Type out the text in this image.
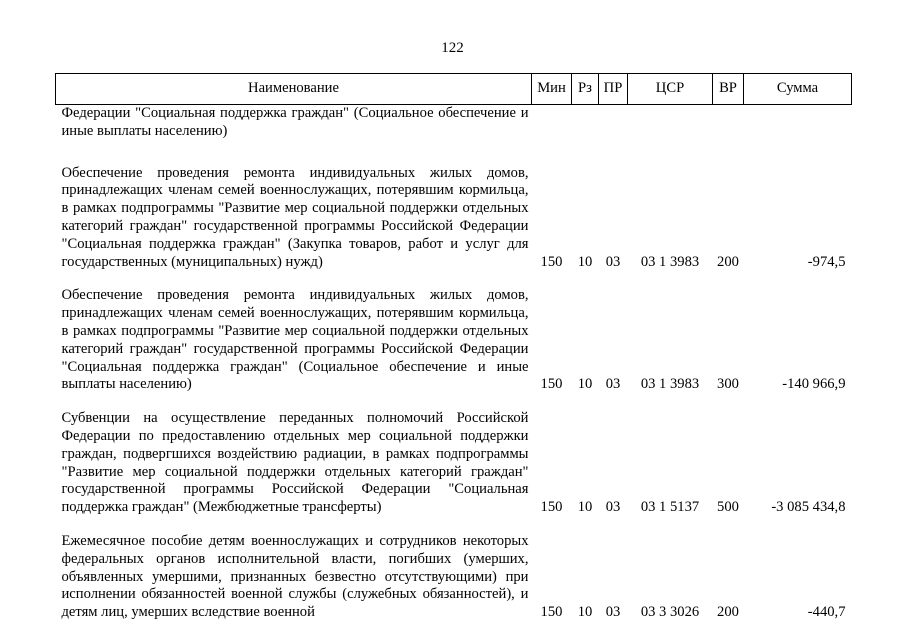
122
Наименование	Мин	Рз	ПР	ЦСР	ВР	Сумма
Федерации "Социальная поддержка граждан" (Социальное обеспечение и иные выплаты населению)						
Обеспечение проведения ремонта индивидуальных жилых домов, принадлежащих членам семей военнослужащих, потерявшим кормильца, в рамках подпрограммы "Развитие мер социальной поддержки отдельных категорий граждан" государственной программы Российской Федерации "Социальная поддержка граждан" (Закупка товаров, работ и услуг для государственных (муниципальных) нужд)	150	10	03	03 1 3983	200	-974,5
Обеспечение проведения ремонта индивидуальных жилых домов, принадлежащих членам семей военнослужащих, потерявшим кормильца, в рамках подпрограммы "Развитие мер социальной поддержки отдельных категорий граждан" государственной программы Российской Федерации "Социальная поддержка граждан" (Социальное обеспечение и иные выплаты населению)	150	10	03	03 1 3983	300	-140 966,9
Субвенции на осуществление переданных полномочий Российской Федерации по предоставлению отдельных мер социальной поддержки граждан, подвергшихся воздействию радиации, в рамках подпрограммы "Развитие мер социальной поддержки отдельных категорий граждан" государственной программы Российской Федерации "Социальная поддержка граждан" (Межбюджетные трансферты)	150	10	03	03 1 5137	500	-3 085 434,8
Ежемесячное пособие детям военнослужащих и сотрудников некоторых федеральных органов исполнительной власти, погибших (умерших, объявленных умершими, признанных безвестно отсутствующими) при исполнении обязанностей военной службы (служебных обязанностей), и детям лиц, умерших вследствие военной	150	10	03	03 3 3026	200	-440,7
